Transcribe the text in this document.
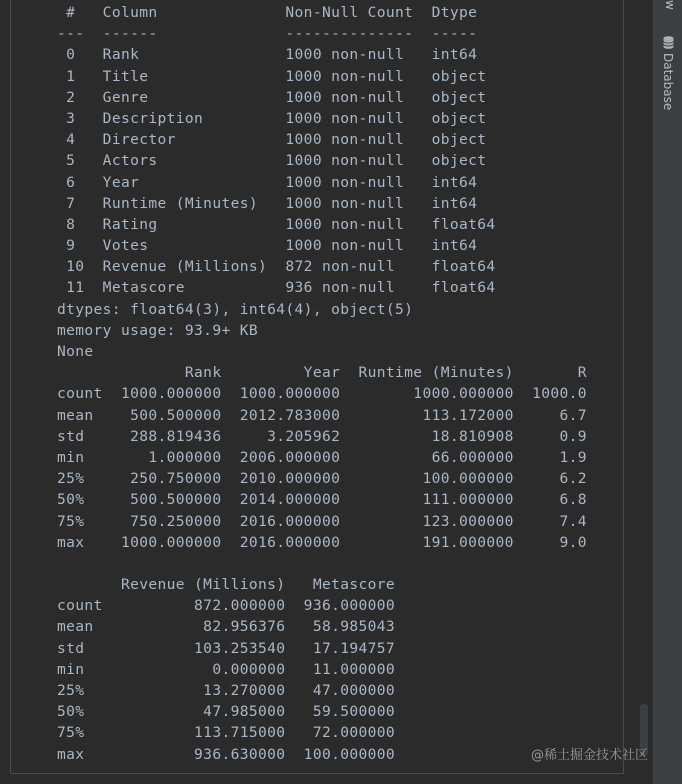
#   Column              Non-Null Count  Dtype
---  ------              --------------  -----
0   Rank                1000 non-null   int64
1   Title               1000 non-null   object
2   Genre               1000 non-null   object
3   Description         1000 non-null   object
4   Director            1000 non-null   object
5   Actors              1000 non-null   object
6   Year                1000 non-null   int64
7   Runtime (Minutes)   1000 non-null   int64
8   Rating              1000 non-null   float64
9   Votes               1000 non-null   int64
10  Revenue (Millions)  872 non-null    float64
11  Metascore           936 non-null    float64
dtypes: float64(3), int64(4), object(5)
memory usage: 93.9+ KB
None
Rank         Year  Runtime (Minutes)       R
count  1000.000000  1000.000000        1000.000000  1000.0
mean    500.500000  2012.783000         113.172000     6.7
std     288.819436     3.205962          18.810908     0.9
min       1.000000  2006.000000          66.000000     1.9
25%     250.750000  2010.000000         100.000000     6.2
50%     500.500000  2014.000000         111.000000     6.8
75%     750.250000  2016.000000         123.000000     7.4
max    1000.000000  2016.000000         191.000000     9.0
Revenue (Millions)   Metascore
count          872.000000  936.000000
mean            82.956376   58.985043
std            103.253540   17.194757
min              0.000000   11.000000
25%             13.270000   47.000000
50%             47.985000   59.500000
75%            113.715000   72.000000
max            936.630000  100.000000
w
Database
@稀土掘金技术社区
